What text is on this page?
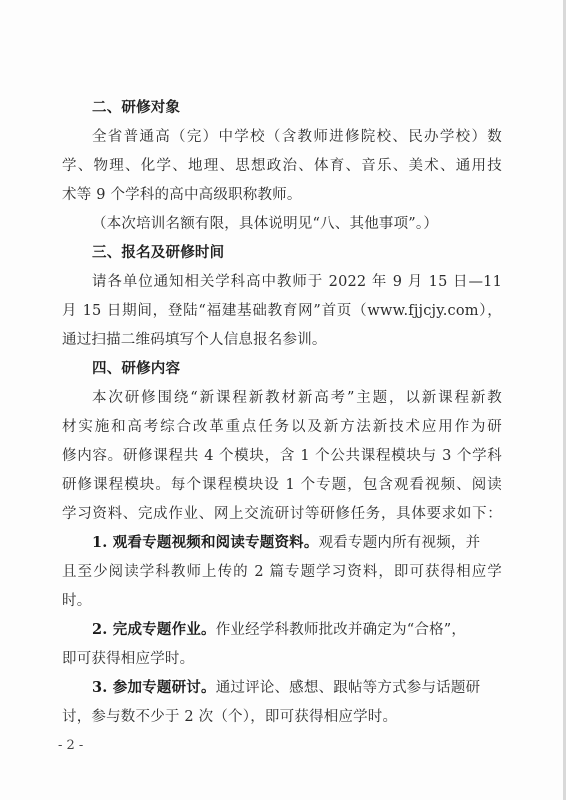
二、研修对象
全省普通高（完）中学校（含教师进修院校、民办学校）数
学、物理、化学、地理、思想政治、体育、音乐、美术、通用技
术等 9 个学科的高中高级职称教师。
（本次培训名额有限，具体说明见“八、其他事项”。）
三、报名及研修时间
请各单位通知相关学科高中教师于 2022 年 9 月 15 日—11
月 15 日期间，登陆“福建基础教育网”首页（www.fjjcjy.com），
通过扫描二维码填写个人信息报名参训。
四、研修内容
本次研修围绕“新课程新教材新高考”主题，以新课程新教
材实施和高考综合改革重点任务以及新方法新技术应用作为研
修内容。研修课程共 4 个模块，含 1 个公共课程模块与 3 个学科
研修课程模块。每个课程模块设 1 个专题，包含观看视频、阅读
学习资料、完成作业、网上交流研讨等研修任务，具体要求如下：
1. 观看专题视频和阅读专题资料。观看专题内所有视频，并
且至少阅读学科教师上传的 2 篇专题学习资料，即可获得相应学
时。
2. 完成专题作业。作业经学科教师批改并确定为“合格”，
即可获得相应学时。
3. 参加专题研讨。通过评论、感想、跟帖等方式参与话题研
讨，参与数不少于 2 次（个），即可获得相应学时。
- 2 -
